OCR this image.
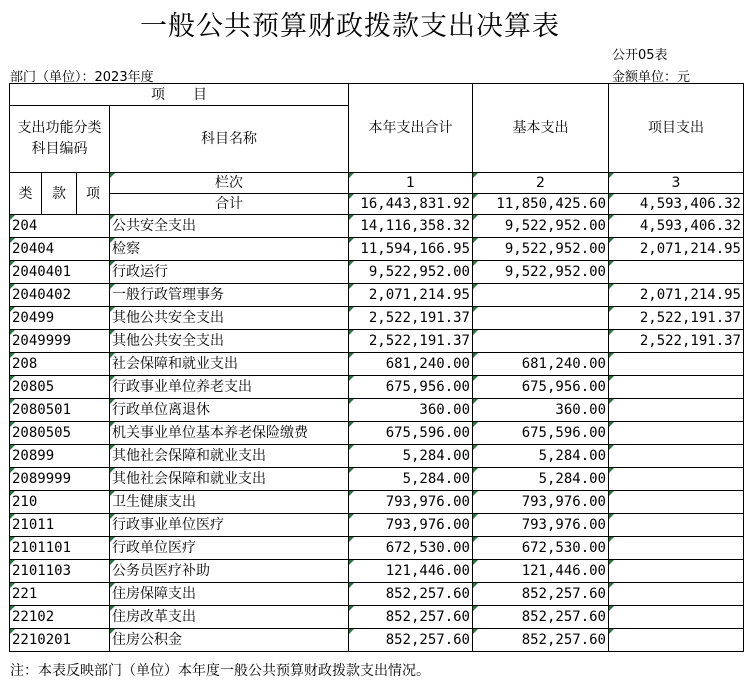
一般公共预算财政拨款支出决算表
公开05表
部门（单位）：2023年度	金额单位：元
项　　目				本年支出合计	基本支出	项目支出
支出功能分类科目编码			科目名称			

类	款	项	栏次	1	2	3
			合计	16,443,831.92	11,850,425.60	4,593,406.32
204			公共安全支出	14,116,358.32	9,522,952.00	4,593,406.32
20404			检察	11,594,166.95	9,522,952.00	2,071,214.95
2040401			行政运行	9,522,952.00	9,522,952.00	
2040402			一般行政管理事务	2,071,214.95		2,071,214.95
20499			其他公共安全支出	2,522,191.37		2,522,191.37
2049999			其他公共安全支出	2,522,191.37		2,522,191.37
208			社会保障和就业支出	681,240.00	681,240.00	
20805			行政事业单位养老支出	675,956.00	675,956.00	
2080501			行政单位离退休	360.00	360.00	
2080505			机关事业单位基本养老保险缴费	675,596.00	675,596.00	
20899			其他社会保障和就业支出	5,284.00	5,284.00	
2089999			其他社会保障和就业支出	5,284.00	5,284.00	
210			卫生健康支出	793,976.00	793,976.00	
21011			行政事业单位医疗	793,976.00	793,976.00	
2101101			行政单位医疗	672,530.00	672,530.00	
2101103			公务员医疗补助	121,446.00	121,446.00	
221			住房保障支出	852,257.60	852,257.60	
22102			住房改革支出	852,257.60	852,257.60	
2210201			住房公积金	852,257.60	852,257.60	
注：本表反映部门（单位）本年度一般公共预算财政拨款支出情况。
